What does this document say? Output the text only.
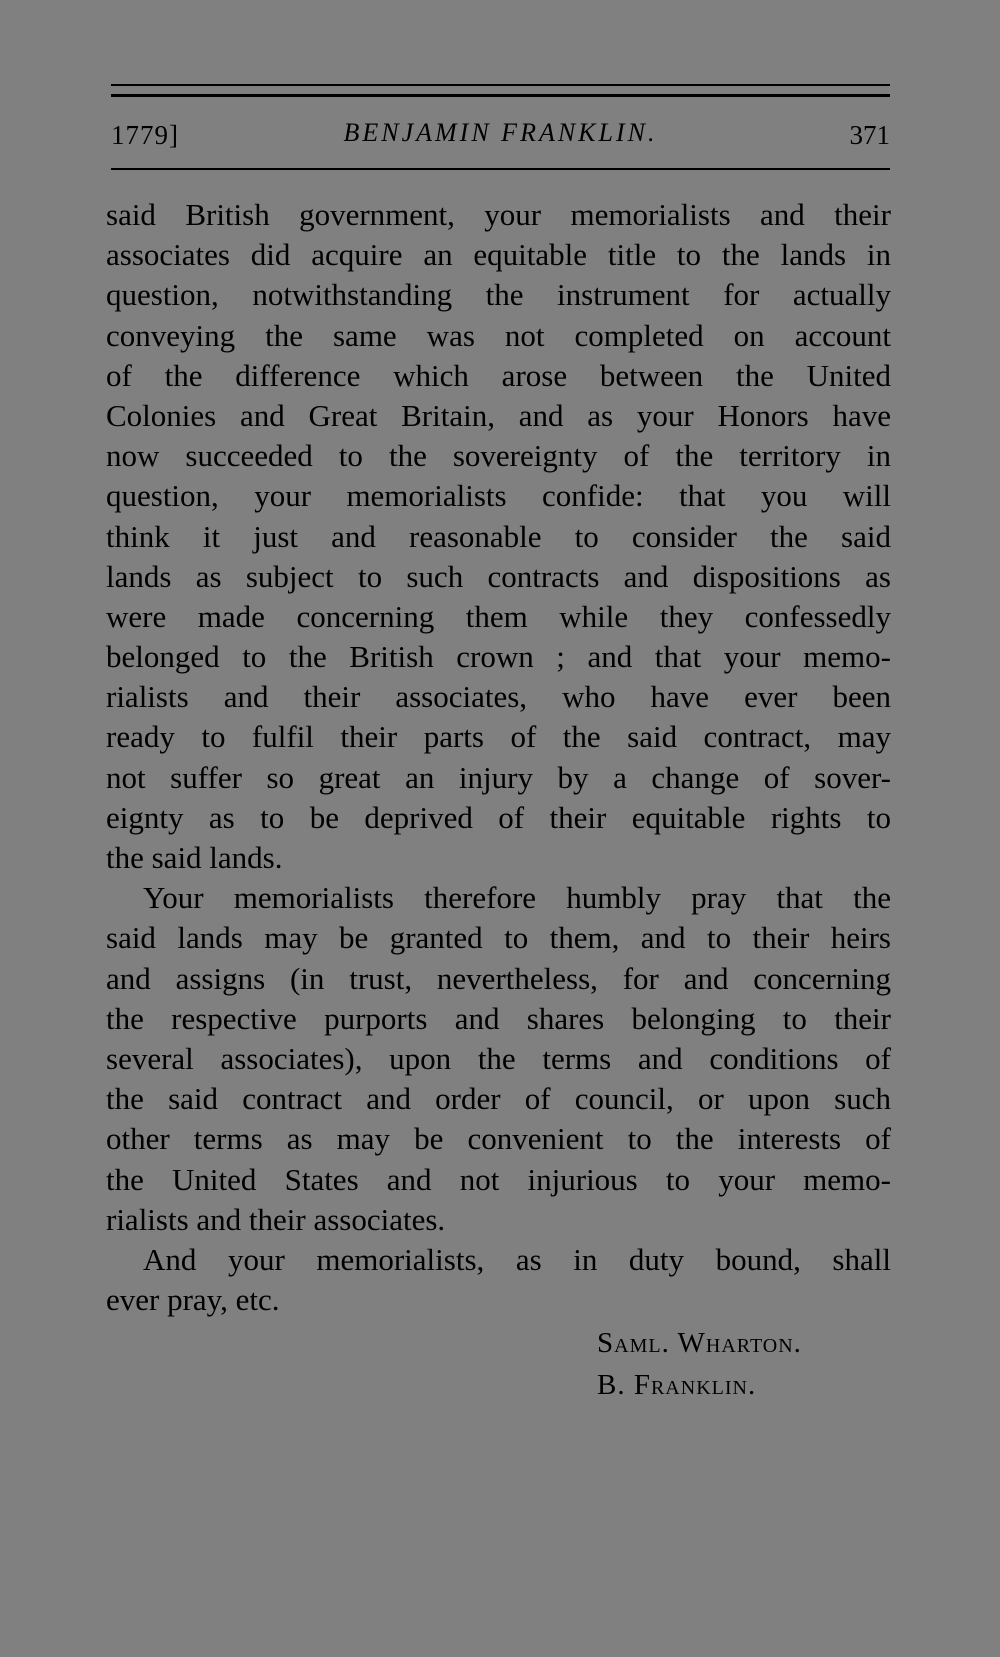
1779]	BENJAMIN FRANKLIN.	371
said British government, your memorialists and their
associates did acquire an equitable title to the lands in
question, notwithstanding the instrument for actually
conveying the same was not completed on account
of the difference which arose between the United
Colonies and Great Britain, and as your Honors have
now succeeded to the sovereignty of the territory in
question, your memorialists confide: that you will
think it just and reasonable to consider the said
lands as subject to such contracts and dispositions as
were made concerning them while they confessedly
belonged to the British crown ; and that your memo-
rialists and their associates, who have ever been
ready to fulfil their parts of the said contract, may
not suffer so great an injury by a change of sover-
eignty as to be deprived of their equitable rights to
the said lands.
Your memorialists therefore humbly pray that the
said lands may be granted to them, and to their heirs
and assigns (in trust, nevertheless, for and concerning
the respective purports and shares belonging to their
several associates), upon the terms and conditions of
the said contract and order of council, or upon such
other terms as may be convenient to the interests of
the United States and not injurious to your memo-
rialists and their associates.
And your memorialists, as in duty bound, shall
ever pray, etc.
Saml. Wharton.
B. Franklin.
